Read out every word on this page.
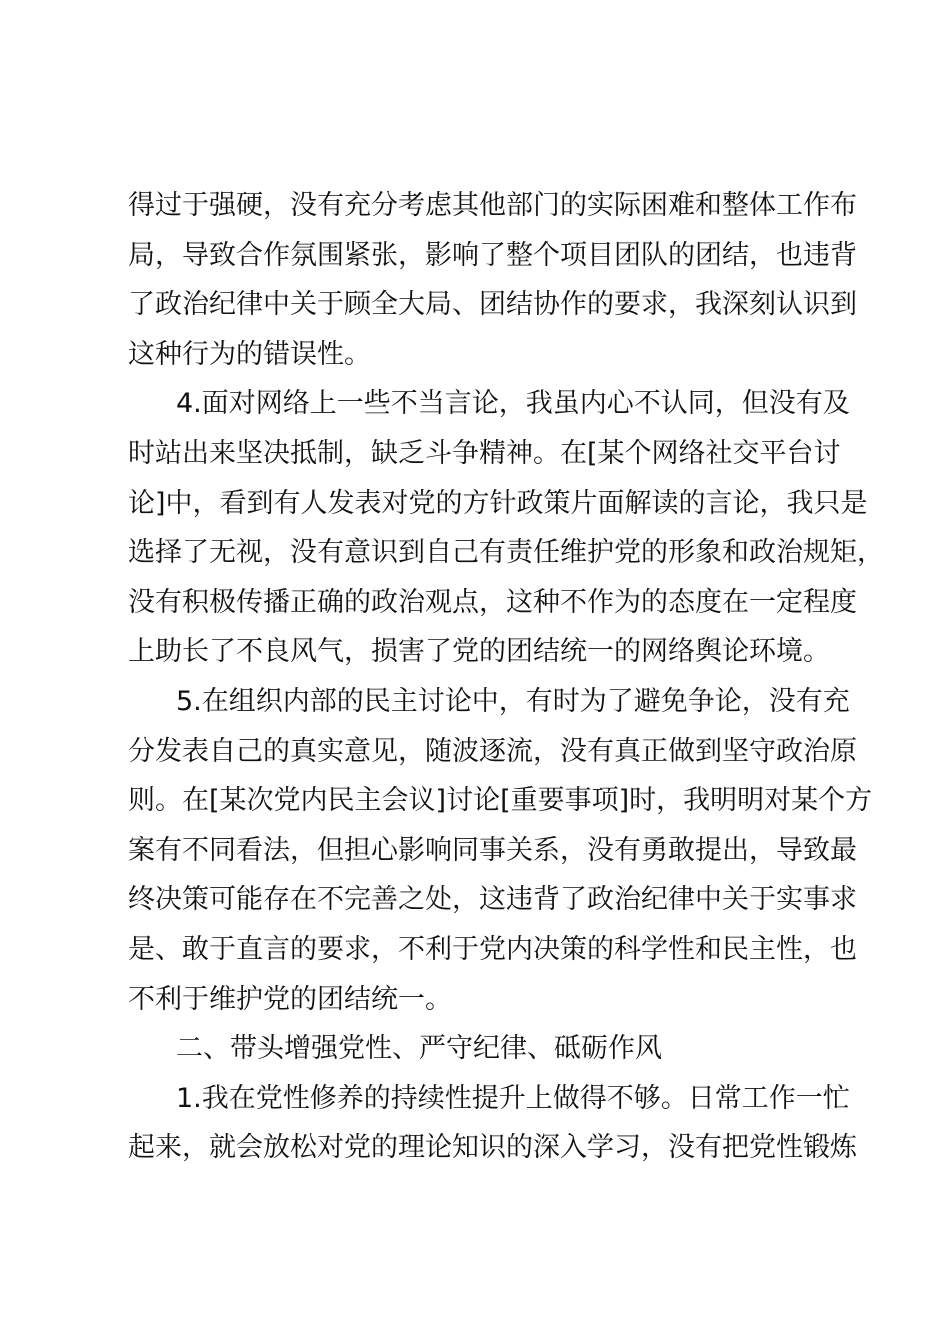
得过于强硬，没有充分考虑其他部门的实际困难和整体工作布
局，导致合作氛围紧张，影响了整个项目团队的团结，也违背
了政治纪律中关于顾全大局、团结协作的要求，我深刻认识到
这种行为的错误性。
4.面对网络上一些不当言论，我虽内心不认同，但没有及
时站出来坚决抵制，缺乏斗争精神。在[某个网络社交平台讨
论]中，看到有人发表对党的方针政策片面解读的言论，我只是
选择了无视，没有意识到自己有责任维护党的形象和政治规矩，
没有积极传播正确的政治观点，这种不作为的态度在一定程度
上助长了不良风气，损害了党的团结统一的网络舆论环境。
5.在组织内部的民主讨论中，有时为了避免争论，没有充
分发表自己的真实意见，随波逐流，没有真正做到坚守政治原
则。在[某次党内民主会议]讨论[重要事项]时，我明明对某个方
案有不同看法，但担心影响同事关系，没有勇敢提出，导致最
终决策可能存在不完善之处，这违背了政治纪律中关于实事求
是、敢于直言的要求，不利于党内决策的科学性和民主性，也
不利于维护党的团结统一。
二、带头增强党性、严守纪律、砥砺作风
1.我在党性修养的持续性提升上做得不够。日常工作一忙
起来，就会放松对党的理论知识的深入学习，没有把党性锻炼
